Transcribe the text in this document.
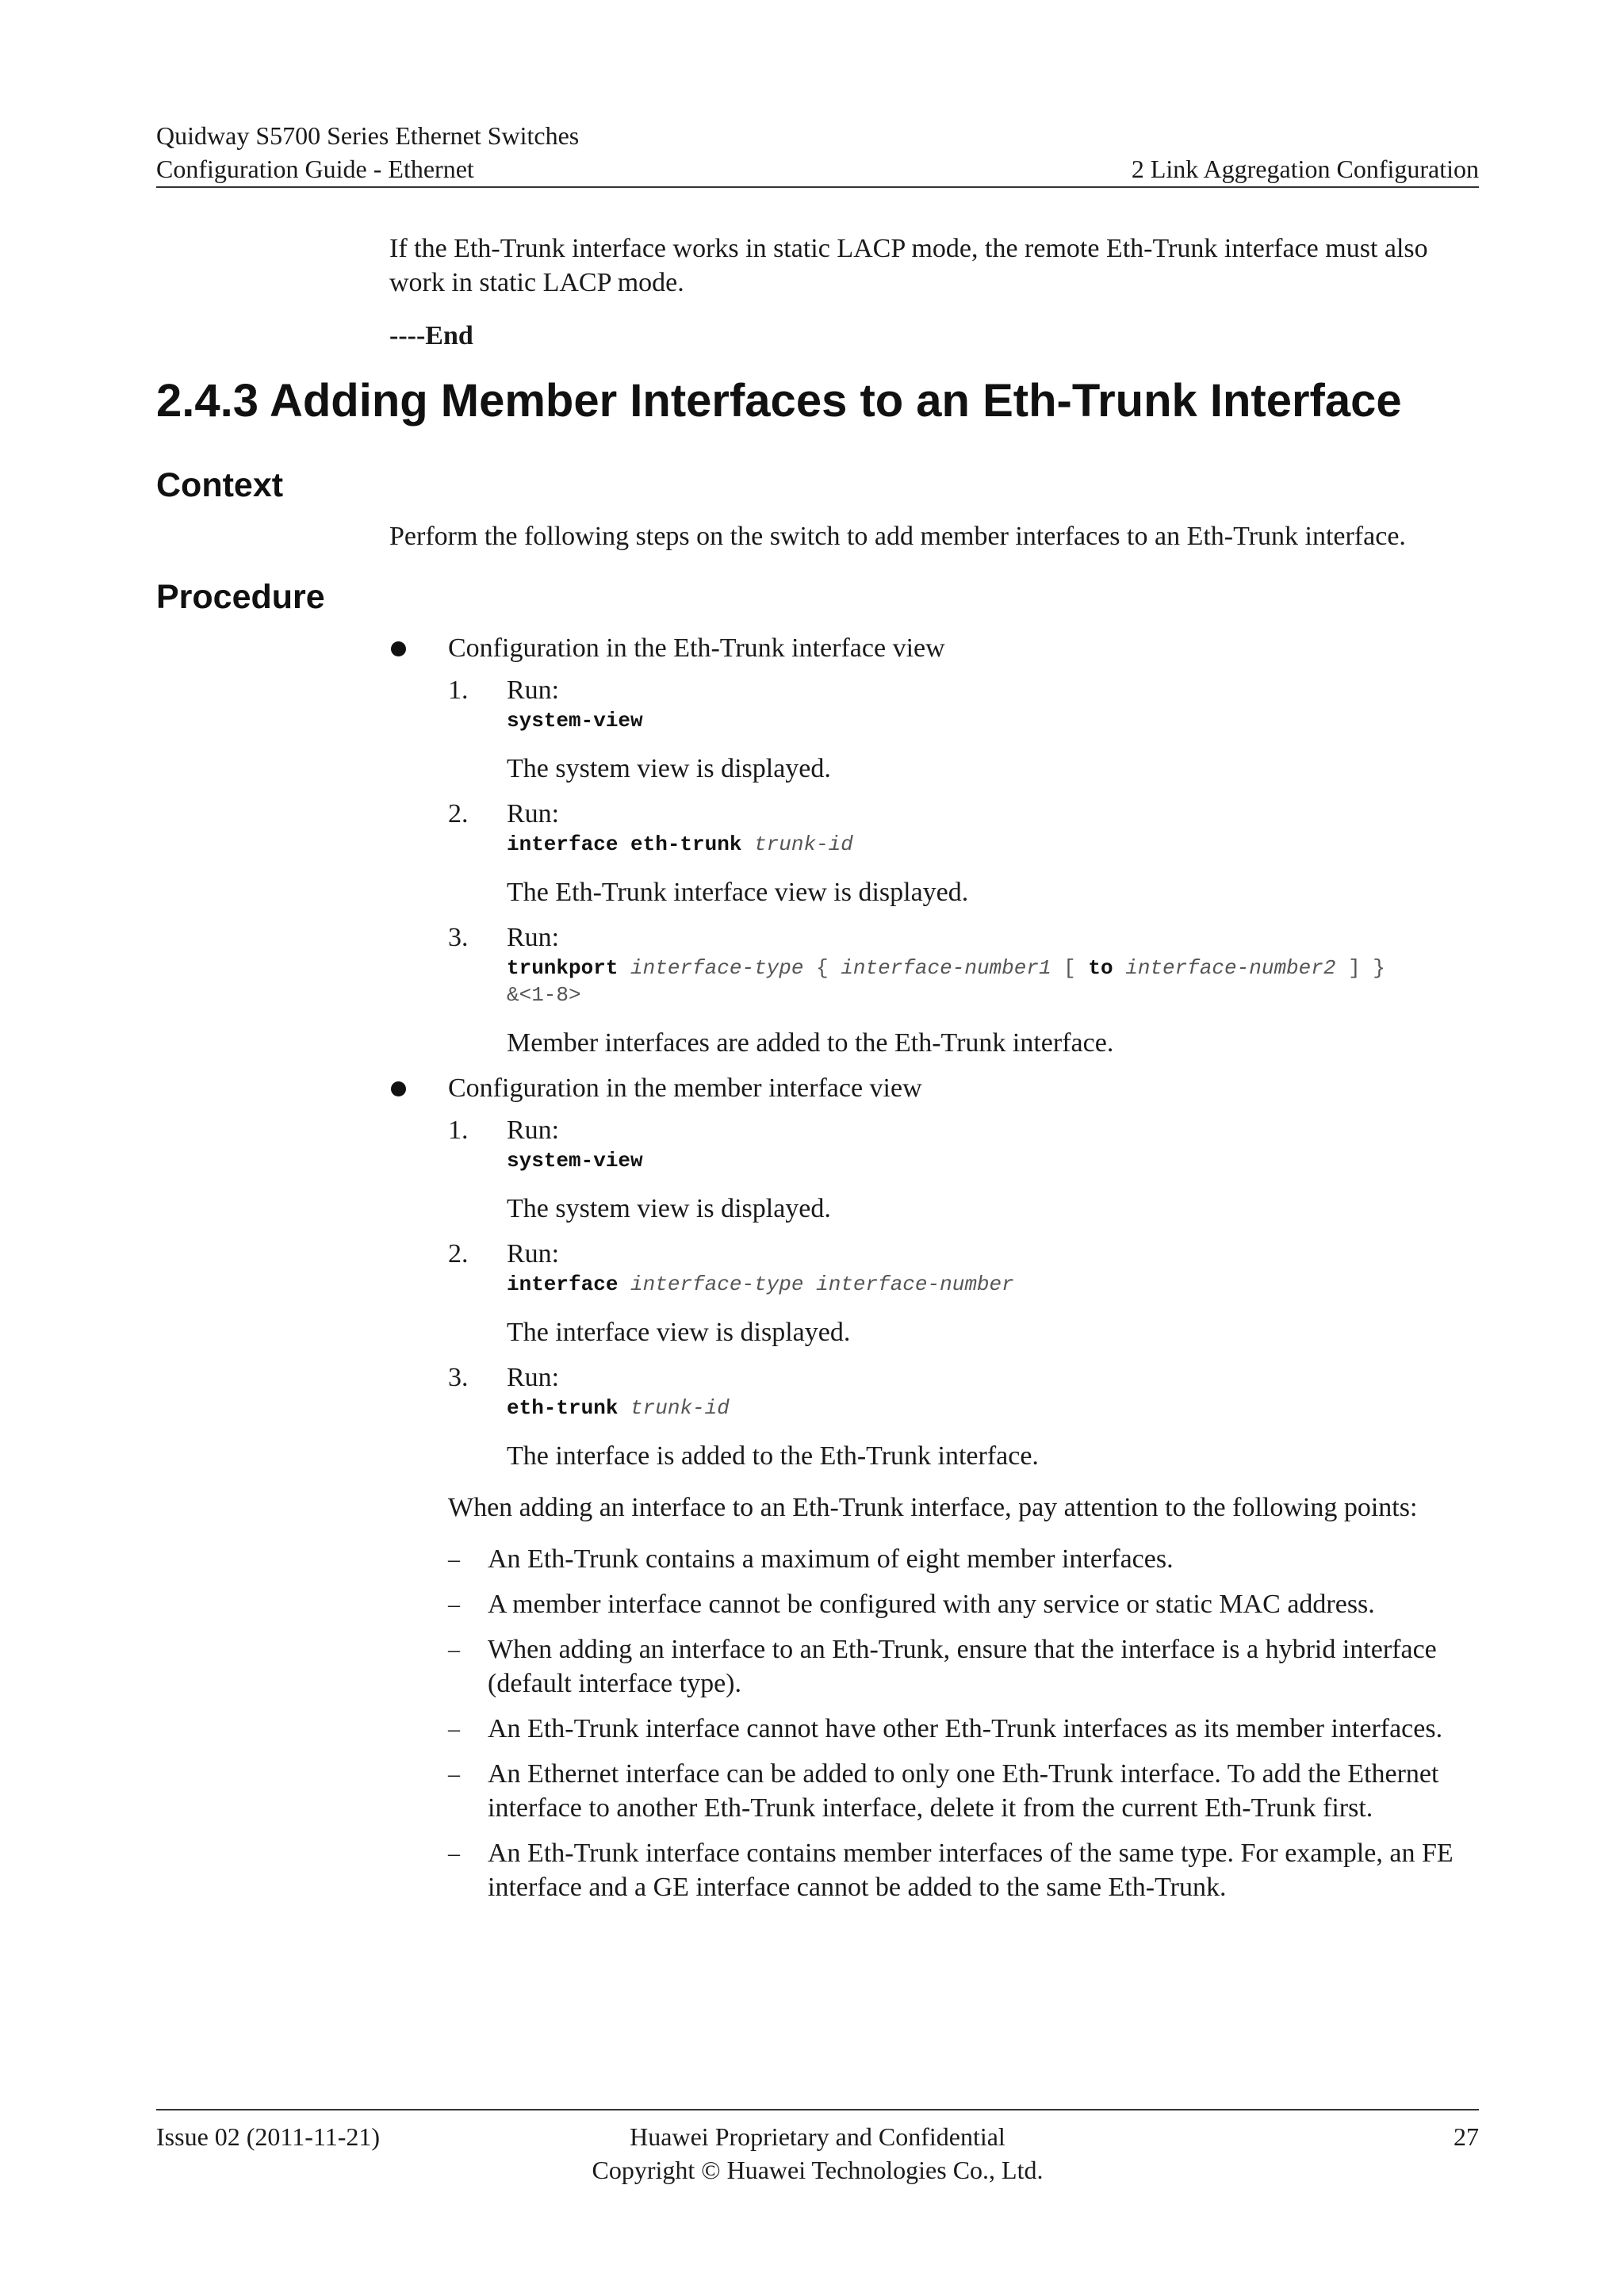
Quidway S5700 Series Ethernet Switches
Configuration Guide - Ethernet	2 Link Aggregation Configuration

If the Eth-Trunk interface works in static LACP mode, the remote Eth-Trunk interface must also work in static LACP mode.

----End

2.4.3 Adding Member Interfaces to an Eth-Trunk Interface
Context

Perform the following steps on the switch to add member interfaces to an Eth-Trunk interface.

Procedure
Configuration in the Eth-Trunk interface view
1. Run:
system-view
The system view is displayed.
2. Run:
interface eth-trunk trunk-id
The Eth-Trunk interface view is displayed.
3. Run:
trunkport interface-type { interface-number1 [ to interface-number2 ] }
&<1-8>
Member interfaces are added to the Eth-Trunk interface.
Configuration in the member interface view
1. Run:
system-view
The system view is displayed.
2. Run:
interface interface-type interface-number
The interface view is displayed.
3. Run:
eth-trunk trunk-id
The interface is added to the Eth-Trunk interface.

When adding an interface to an Eth-Trunk interface, pay attention to the following points:

– An Eth-Trunk contains a maximum of eight member interfaces.
– A member interface cannot be configured with any service or static MAC address.
– When adding an interface to an Eth-Trunk, ensure that the interface is a hybrid interface (default interface type).
– An Eth-Trunk interface cannot have other Eth-Trunk interfaces as its member interfaces.
– An Ethernet interface can be added to only one Eth-Trunk interface. To add the Ethernet interface to another Eth-Trunk interface, delete it from the current Eth-Trunk first.
– An Eth-Trunk interface contains member interfaces of the same type. For example, an FE interface and a GE interface cannot be added to the same Eth-Trunk.
Issue 02 (2011-11-21)	Huawei Proprietary and Confidential
Copyright © Huawei Technologies Co., Ltd.
27
